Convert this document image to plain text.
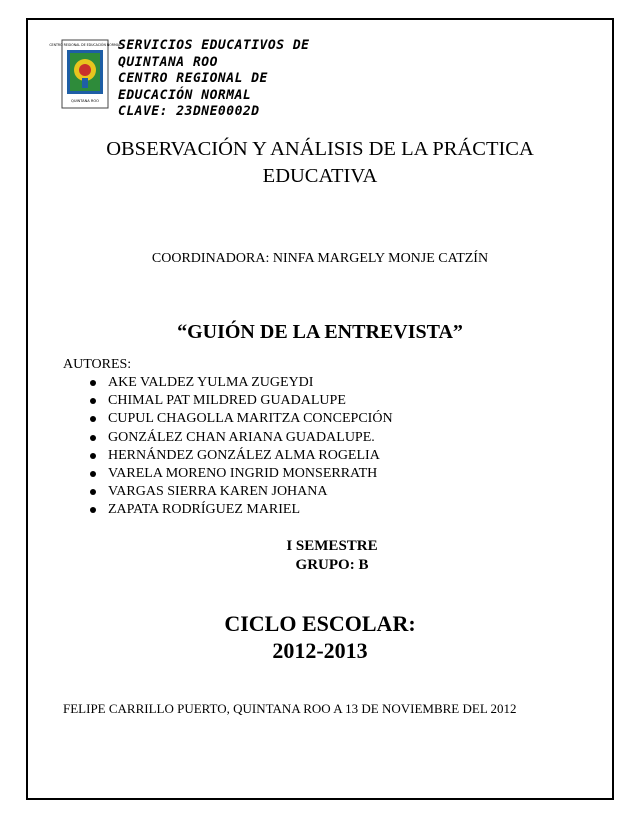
CENTRO REGIONAL DE EDUCACIÓN NORMAL
QUINTANA ROO
SERVICIOS EDUCATIVOS DE
QUINTANA ROO
CENTRO REGIONAL DE
EDUCACIÓN NORMAL
CLAVE: 23DNE0002D
OBSERVACIÓN Y ANÁLISIS DE LA PRÁCTICA
EDUCATIVA
COORDINADORA: NINFA MARGELY MONJE CATZÍN
“GUIÓN DE LA ENTREVISTA”
AUTORES:
AKE VALDEZ YULMA ZUGEYDI
CHIMAL PAT MILDRED GUADALUPE
CUPUL CHAGOLLA MARITZA CONCEPCIÓN
GONZÁLEZ CHAN ARIANA GUADALUPE.
HERNÁNDEZ GONZÁLEZ ALMA ROGELIA
VARELA MORENO INGRID MONSERRATH
VARGAS SIERRA KAREN JOHANA
ZAPATA RODRÍGUEZ MARIEL
I SEMESTRE
GRUPO: B
CICLO ESCOLAR:
2012-2013
FELIPE CARRILLO PUERTO, QUINTANA ROO A 13 DE NOVIEMBRE DEL 2012
